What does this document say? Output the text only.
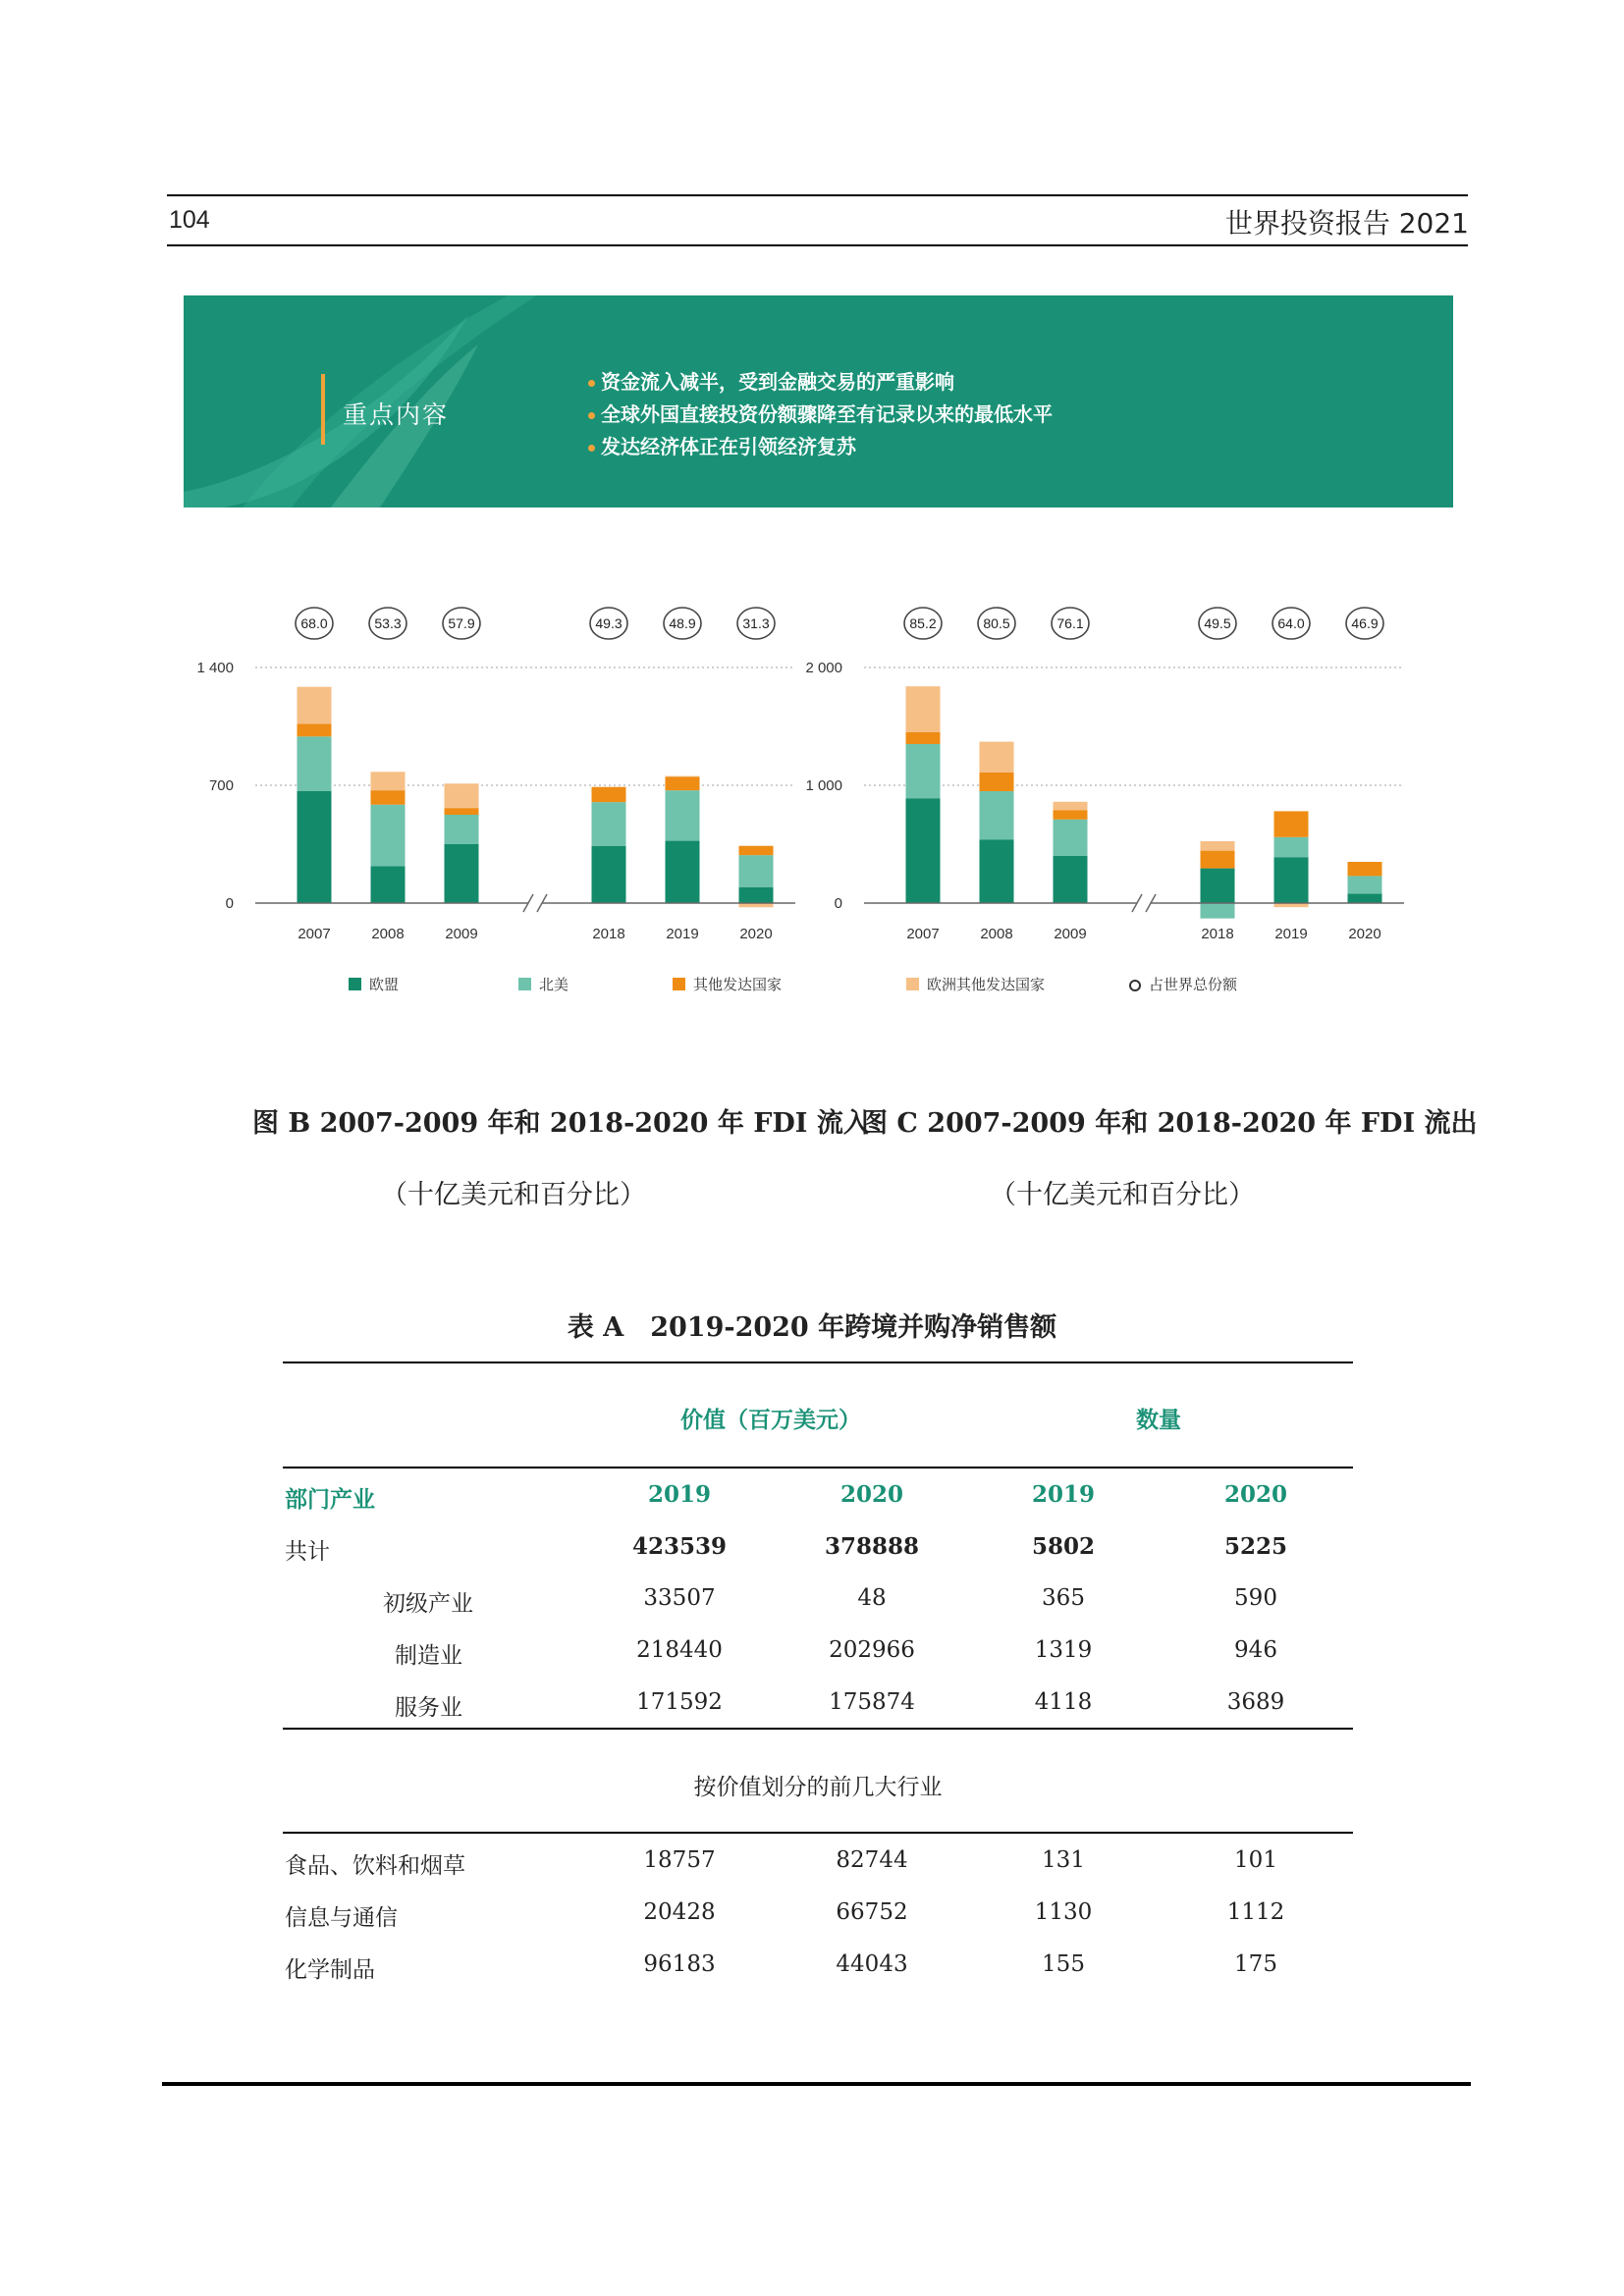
104	世界投资报告 2021
重点内容
资金流入减半，受到金融交易的严重影响
全球外国直接投资份额骤降至有记录以来的最低水平
发达经济体正在引领经济复苏
0
700
1 400
2007
68.0
2008
53.3
2009
57.9
2018
49.3
2019
48.9
2020
31.3
0
1 000
2 000
2007
85.2
2008
80.5
2009
76.1
2018
49.5
2019
64.0
2020
46.9
欧盟	北美	其他发达国家	欧洲其他发达国家	占世界总份额
图 B 2007-2009 年和 2018-2020 年 FDI 流入
（十亿美元和百分比）
图 C 2007-2009 年和 2018-2020 年 FDI 流出
（十亿美元和百分比）
表 A　2019-2020 年跨境并购净销售额
价值（百万美元）	数量
部门产业	2019	2020	2019	2020
共计	423539	378888	5802	5225
初级产业	33507	48	365	590
制造业	218440	202966	1319	946
服务业	171592	175874	4118	3689
按价值划分的前几大行业
食品、饮料和烟草	18757	82744	131	101
信息与通信	20428	66752	1130	1112
化学制品	96183	44043	155	175
